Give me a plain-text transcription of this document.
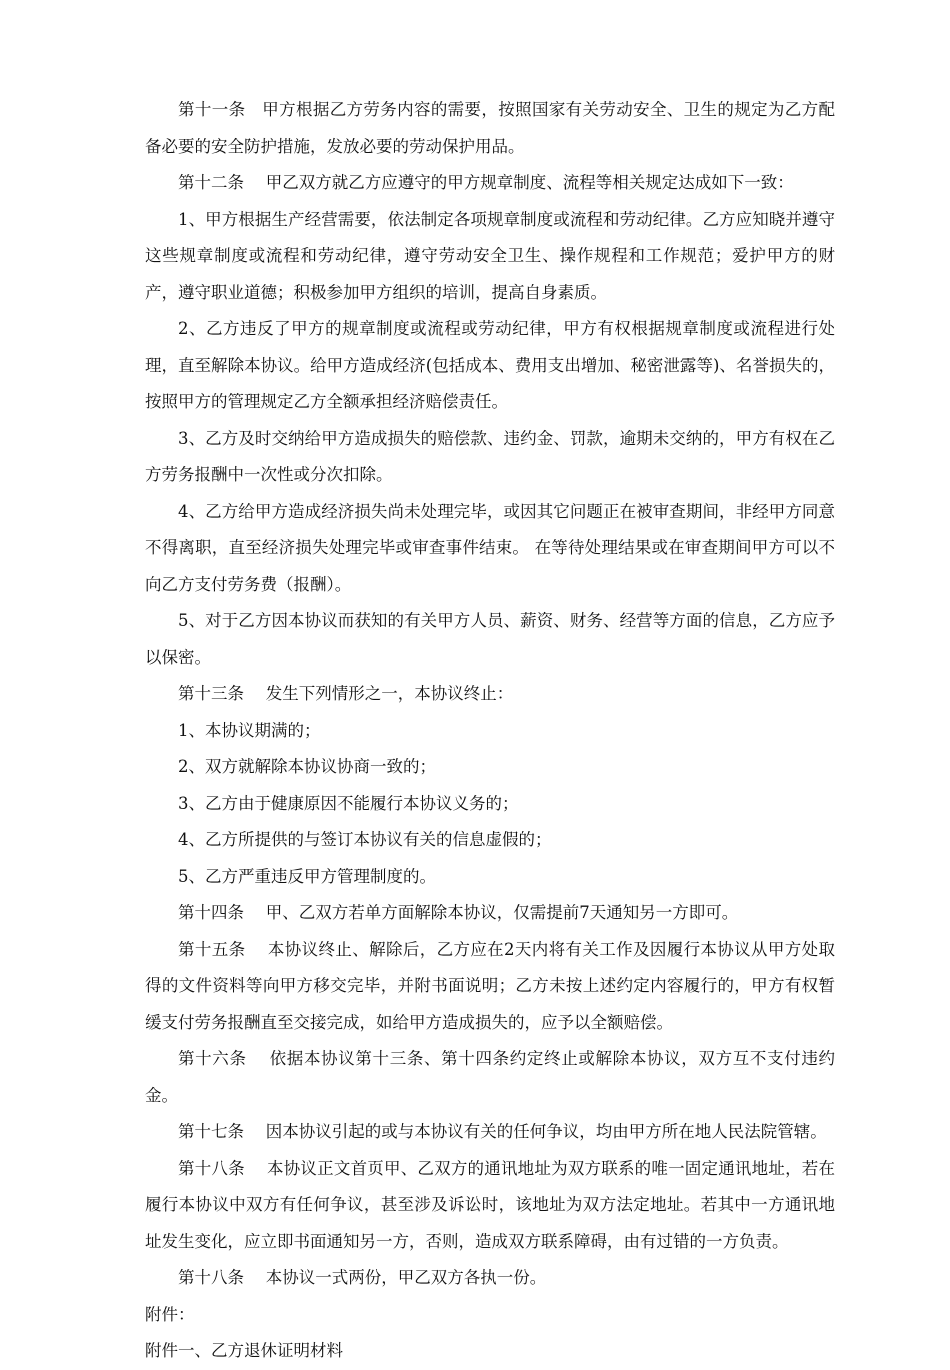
第十一条　甲方根据乙方劳务内容的需要，按照国家有关劳动安全、卫生的规定为乙方配备必要的安全防护措施，发放必要的劳动保护用品。

第十二条　 甲乙双方就乙方应遵守的甲方规章制度、流程等相关规定达成如下一致：

1、甲方根据生产经营需要，依法制定各项规章制度或流程和劳动纪律。乙方应知晓并遵守这些规章制度或流程和劳动纪律，遵守劳动安全卫生、操作规程和工作规范；爱护甲方的财产，遵守职业道德；积极参加甲方组织的培训，提高自身素质。

2、乙方违反了甲方的规章制度或流程或劳动纪律，甲方有权根据规章制度或流程进行处理，直至解除本协议。给甲方造成经济(包括成本、费用支出增加、秘密泄露等)、名誉损失的，按照甲方的管理规定乙方全额承担经济赔偿责任。

3、乙方及时交纳给甲方造成损失的赔偿款、违约金、罚款，逾期未交纳的，甲方有权在乙方劳务报酬中一次性或分次扣除。

4、乙方给甲方造成经济损失尚未处理完毕，或因其它问题正在被审查期间，非经甲方同意不得离职，直至经济损失处理完毕或审查事件结束。 在等待处理结果或在审查期间甲方可以不向乙方支付劳务费（报酬）。

5、对于乙方因本协议而获知的有关甲方人员、薪资、财务、经营等方面的信息，乙方应予以保密。

第十三条　 发生下列情形之一，本协议终止：

1、本协议期满的；

2、双方就解除本协议协商一致的；

3、乙方由于健康原因不能履行本协议义务的；

4、乙方所提供的与签订本协议有关的信息虚假的；

5、乙方严重违反甲方管理制度的。

第十四条　 甲、乙双方若单方面解除本协议，仅需提前7天通知另一方即可。

第十五条　 本协议终止、解除后，乙方应在2天内将有关工作及因履行本协议从甲方处取得的文件资料等向甲方移交完毕，并附书面说明；乙方未按上述约定内容履行的，甲方有权暂缓支付劳务报酬直至交接完成，如给甲方造成损失的，应予以全额赔偿。

第十六条　 依据本协议第十三条、第十四条约定终止或解除本协议，双方互不支付违约金。

第十七条　 因本协议引起的或与本协议有关的任何争议，均由甲方所在地人民法院管辖。

第十八条　 本协议正文首页甲、乙双方的通讯地址为双方联系的唯一固定通讯地址，若在履行本协议中双方有任何争议，甚至涉及诉讼时，该地址为双方法定地址。若其中一方通讯地址发生变化，应立即书面通知另一方，否则，造成双方联系障碍，由有过错的一方负责。

第十八条　 本协议一式两份，甲乙双方各执一份。

附件：

附件一、乙方退休证明材料
